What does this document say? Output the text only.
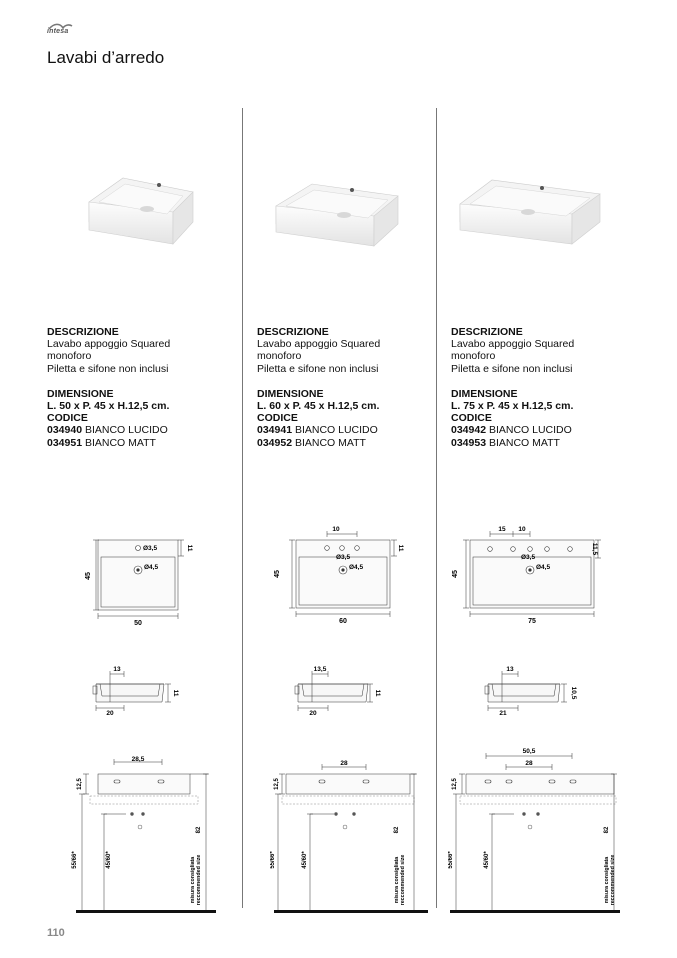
intesa
Lavabi d’arredo
DESCRIZIONE
Lavabo appoggio Squared
monoforo
Piletta e sifone non inclusi
DIMENSIONE
L. 50 x P. 45 x H.12,5 cm.
CODICE
034940 BIANCO LUCIDO
034951 BIANCO MATT
DESCRIZIONE
Lavabo appoggio Squared
monoforo
Piletta e sifone non inclusi
DIMENSIONE
L. 60 x P. 45 x H.12,5 cm.
CODICE
034941 BIANCO LUCIDO
034952 BIANCO MATT
DESCRIZIONE
Lavabo appoggio Squared
monoforo
Piletta e sifone non inclusi
DIMENSIONE
L. 75 x P. 45 x H.12,5 cm.
CODICE
034942 BIANCO LUCIDO
034953 BIANCO MATT
45
50
11
Ø3,5
Ø4,5
10
45
60
11
Ø3,5
Ø4,5
15 10
45
75
11,5
Ø3,5
Ø4,5
13
20
11
13,5
20
11
13
21
10,5
28,5
12,5
55/66*	45/60*
82
misura consigliata reccommended size
28
12,5
55/66*	45/60*
82
misura consigliata reccommended size
50,5
28
12,5
55/66*	45/60*
82
misura consigliata reccommended size
110
